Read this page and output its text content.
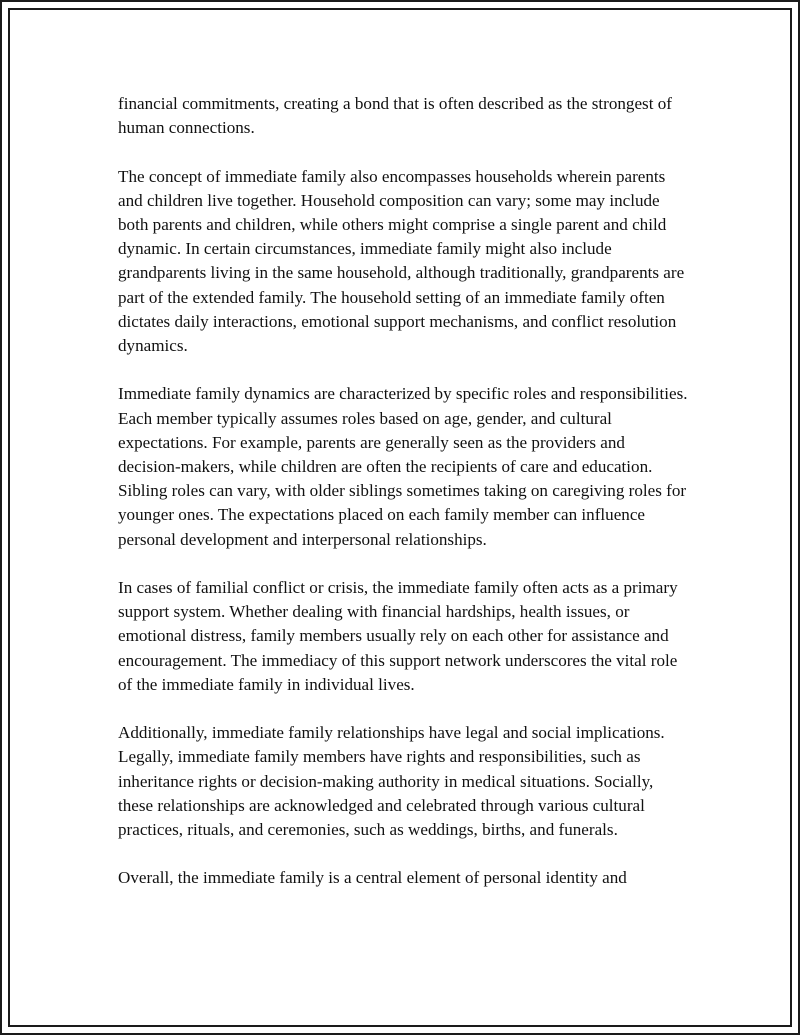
financial commitments, creating a bond that is often described as the strongest of human connections.

The concept of immediate family also encompasses households wherein parents and children live together. Household composition can vary; some may include both parents and children, while others might comprise a single parent and child dynamic. In certain circumstances, immediate family might also include grandparents living in the same household, although traditionally, grandparents are part of the extended family. The household setting of an immediate family often dictates daily interactions, emotional support mechanisms, and conflict resolution dynamics.

Immediate family dynamics are characterized by specific roles and responsibilities. Each member typically assumes roles based on age, gender, and cultural expectations. For example, parents are generally seen as the providers and decision-makers, while children are often the recipients of care and education. Sibling roles can vary, with older siblings sometimes taking on caregiving roles for younger ones. The expectations placed on each family member can influence personal development and interpersonal relationships.

In cases of familial conflict or crisis, the immediate family often acts as a primary support system. Whether dealing with financial hardships, health issues, or emotional distress, family members usually rely on each other for assistance and encouragement. The immediacy of this support network underscores the vital role of the immediate family in individual lives.

Additionally, immediate family relationships have legal and social implications. Legally, immediate family members have rights and responsibilities, such as inheritance rights or decision-making authority in medical situations. Socially, these relationships are acknowledged and celebrated through various cultural practices, rituals, and ceremonies, such as weddings, births, and funerals.

Overall, the immediate family is a central element of personal identity and
